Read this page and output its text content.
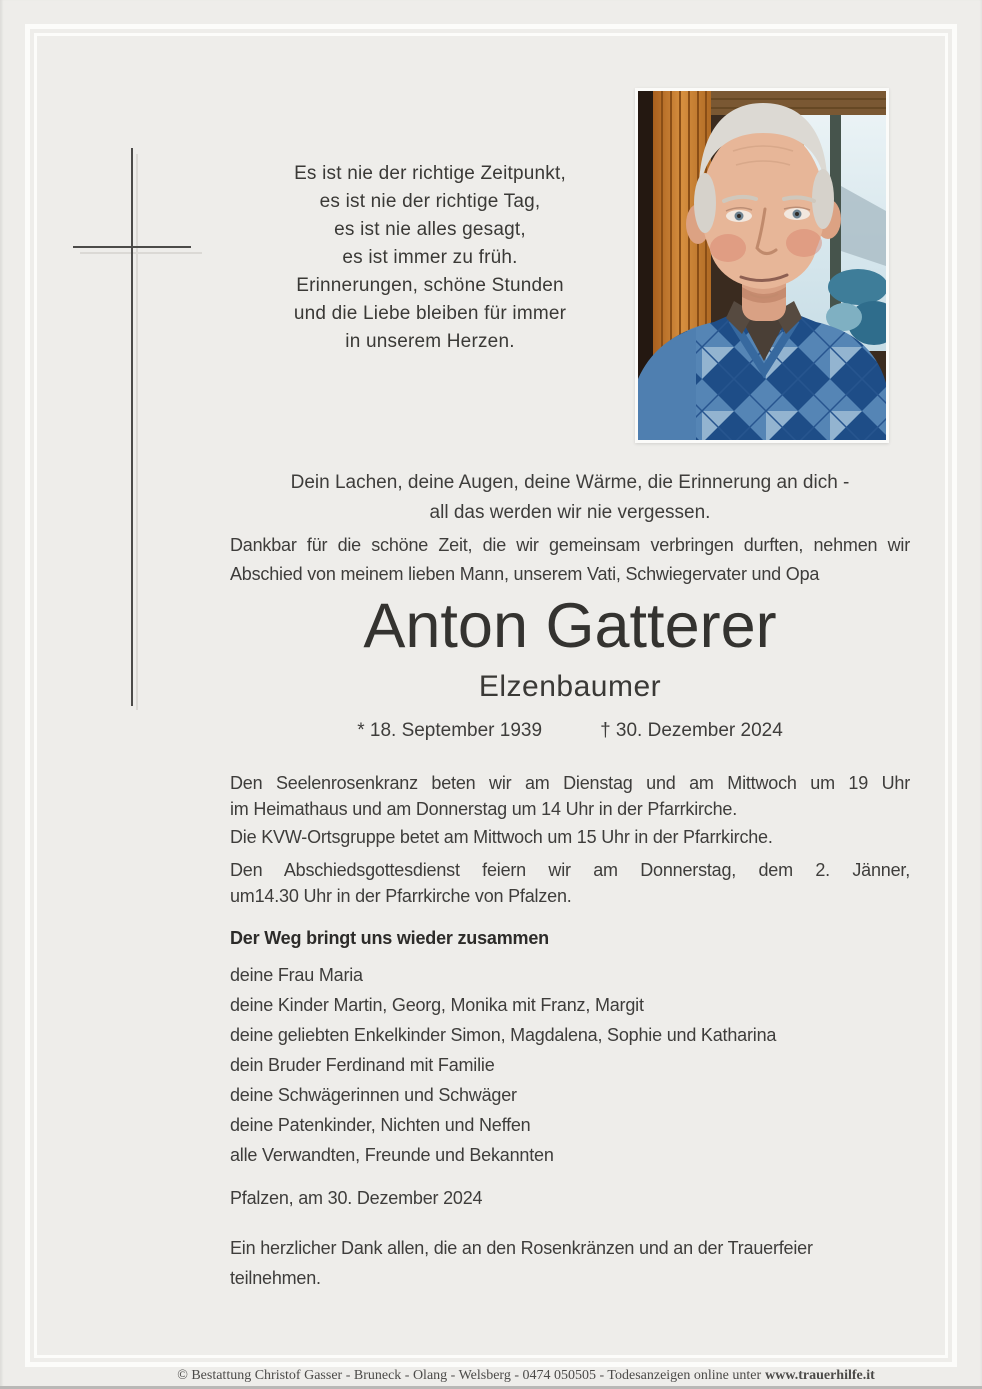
Es ist nie der richtige Zeitpunkt,
es ist nie der richtige Tag,
es ist nie alles gesagt,
es ist immer zu früh.
Erinnerungen, schöne Stunden
und die Liebe bleiben für immer
in unserem Herzen.
Dein Lachen, deine Augen, deine Wärme, die Erinnerung an dich -
all das werden wir nie vergessen.
Dankbar für die schöne Zeit, die wir gemeinsam verbringen durften, nehmen wir
Abschied von meinem lieben Mann, unserem Vati, Schwiegervater und Opa
Anton Gatterer
Elzenbaumer
* 18. September 1939	† 30. Dezember 2024

Den Seelenrosenkranz beten wir am Dienstag und am Mittwoch um 19 Uhr
im Heimathaus und am Donnerstag um 14 Uhr in der Pfarrkirche.

Die KVW-Ortsgruppe betet am Mittwoch um 15 Uhr in der Pfarrkirche.

Den Abschiedsgottesdienst feiern wir am Donnerstag, dem 2. Jänner,
um14.30 Uhr in der Pfarrkirche von Pfalzen.

Der Weg bringt uns wieder zusammen
deine Frau Maria
deine Kinder Martin, Georg, Monika mit Franz, Margit
deine geliebten Enkelkinder Simon, Magdalena, Sophie und Katharina
dein Bruder Ferdinand mit Familie
deine Schwägerinnen und Schwäger
deine Patenkinder, Nichten und Neffen
alle Verwandten, Freunde und Bekannten
Pfalzen, am 30. Dezember 2024
Ein herzlicher Dank allen, die an den Rosenkränzen und an der Trauerfeier
teilnehmen.
© Bestattung Christof Gasser - Bruneck - Olang - Welsberg - 0474 050505 - Todesanzeigen online unter www.trauerhilfe.it
